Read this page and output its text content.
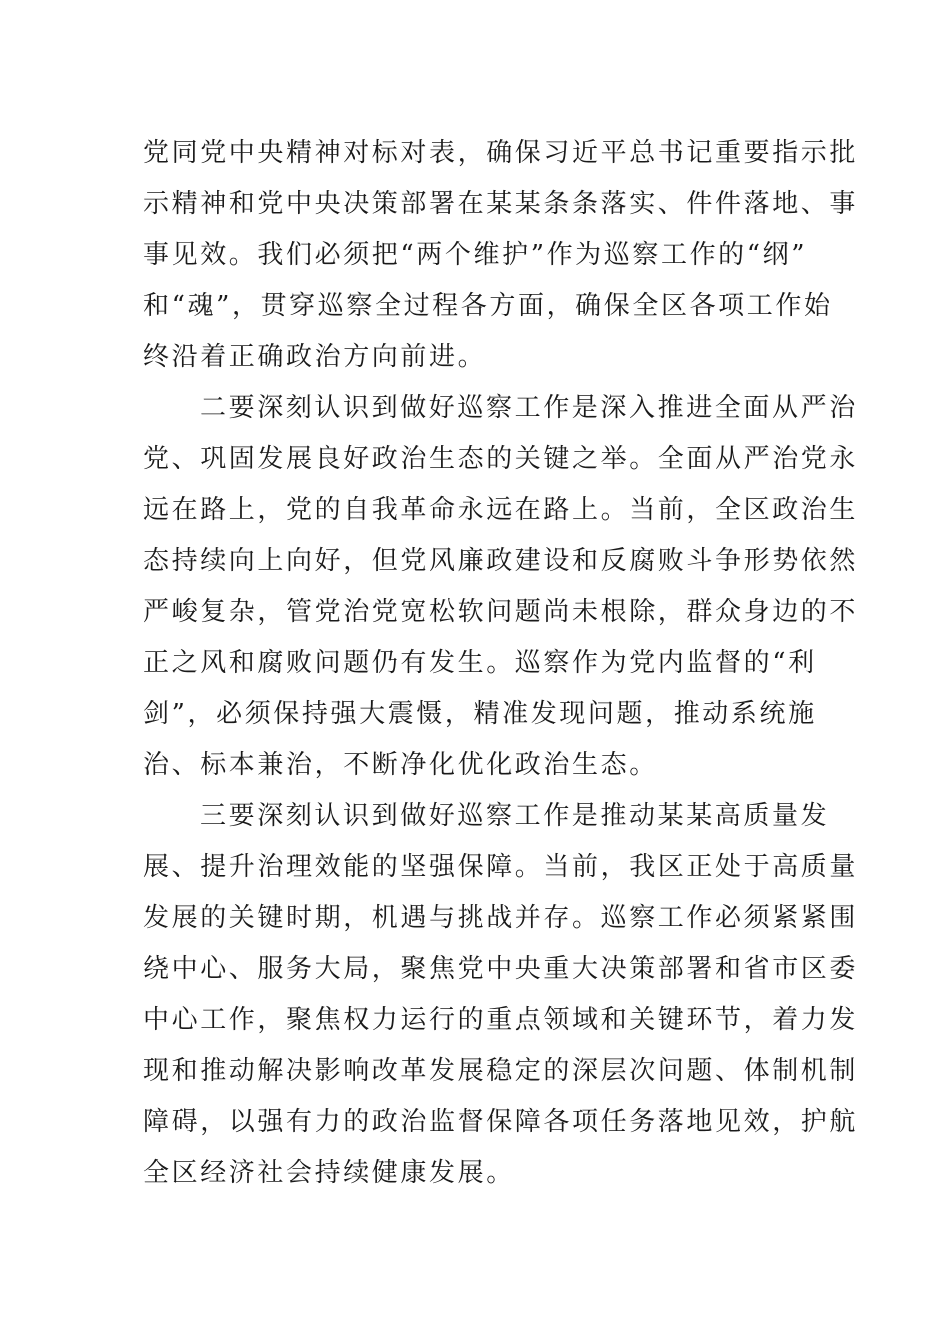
党同党中央精神对标对表，确保习近平总书记重要指示批
示精神和党中央决策部署在某某条条落实、件件落地、事
事见效。我们必须把“两个维护”作为巡察工作的“纲”
和“魂”，贯穿巡察全过程各方面，确保全区各项工作始
终沿着正确政治方向前进。
二要深刻认识到做好巡察工作是深入推进全面从严治
党、巩固发展良好政治生态的关键之举。全面从严治党永
远在路上，党的自我革命永远在路上。当前，全区政治生
态持续向上向好，但党风廉政建设和反腐败斗争形势依然
严峻复杂，管党治党宽松软问题尚未根除，群众身边的不
正之风和腐败问题仍有发生。巡察作为党内监督的“利
剑”，必须保持强大震慑，精准发现问题，推动系统施
治、标本兼治，不断净化优化政治生态。
三要深刻认识到做好巡察工作是推动某某高质量发
展、提升治理效能的坚强保障。当前，我区正处于高质量
发展的关键时期，机遇与挑战并存。巡察工作必须紧紧围
绕中心、服务大局，聚焦党中央重大决策部署和省市区委
中心工作，聚焦权力运行的重点领域和关键环节，着力发
现和推动解决影响改革发展稳定的深层次问题、体制机制
障碍，以强有力的政治监督保障各项任务落地见效，护航
全区经济社会持续健康发展。
